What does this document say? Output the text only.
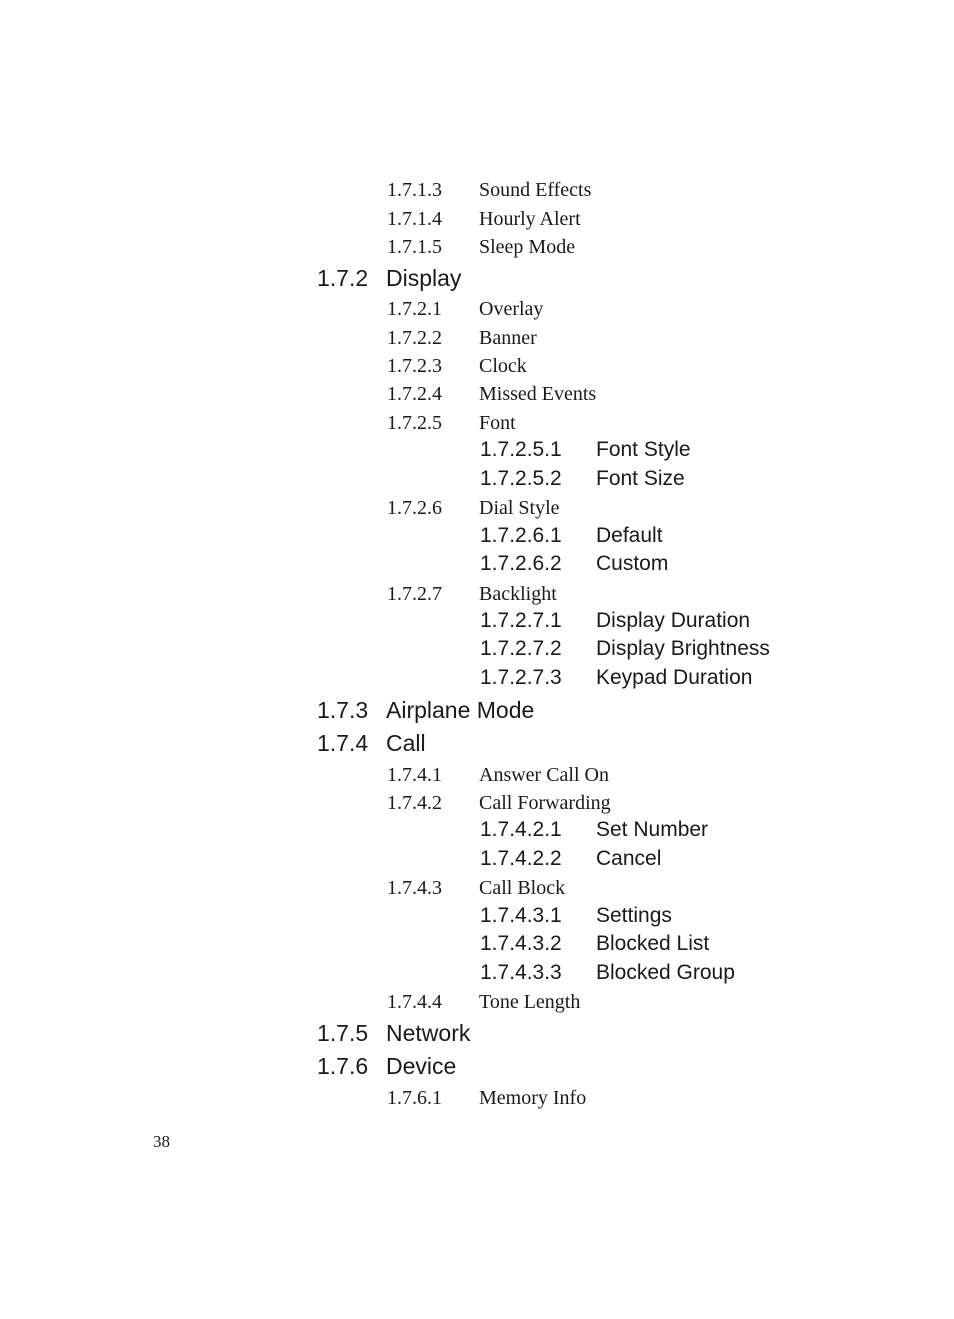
1.7.1.3 Sound Effects
1.7.1.4 Hourly Alert
1.7.1.5 Sleep Mode
1.7.2 Display
1.7.2.1 Overlay
1.7.2.2 Banner
1.7.2.3 Clock
1.7.2.4 Missed Events
1.7.2.5 Font
1.7.2.5.1 Font Style
1.7.2.5.2 Font Size
1.7.2.6 Dial Style
1.7.2.6.1 Default
1.7.2.6.2 Custom
1.7.2.7 Backlight
1.7.2.7.1 Display Duration
1.7.2.7.2 Display Brightness
1.7.2.7.3 Keypad Duration
1.7.3 Airplane Mode
1.7.4 Call
1.7.4.1 Answer Call On
1.7.4.2 Call Forwarding
1.7.4.2.1 Set Number
1.7.4.2.2 Cancel
1.7.4.3 Call Block
1.7.4.3.1 Settings
1.7.4.3.2 Blocked List
1.7.4.3.3 Blocked Group
1.7.4.4 Tone Length
1.7.5 Network
1.7.6 Device
1.7.6.1 Memory Info
38
